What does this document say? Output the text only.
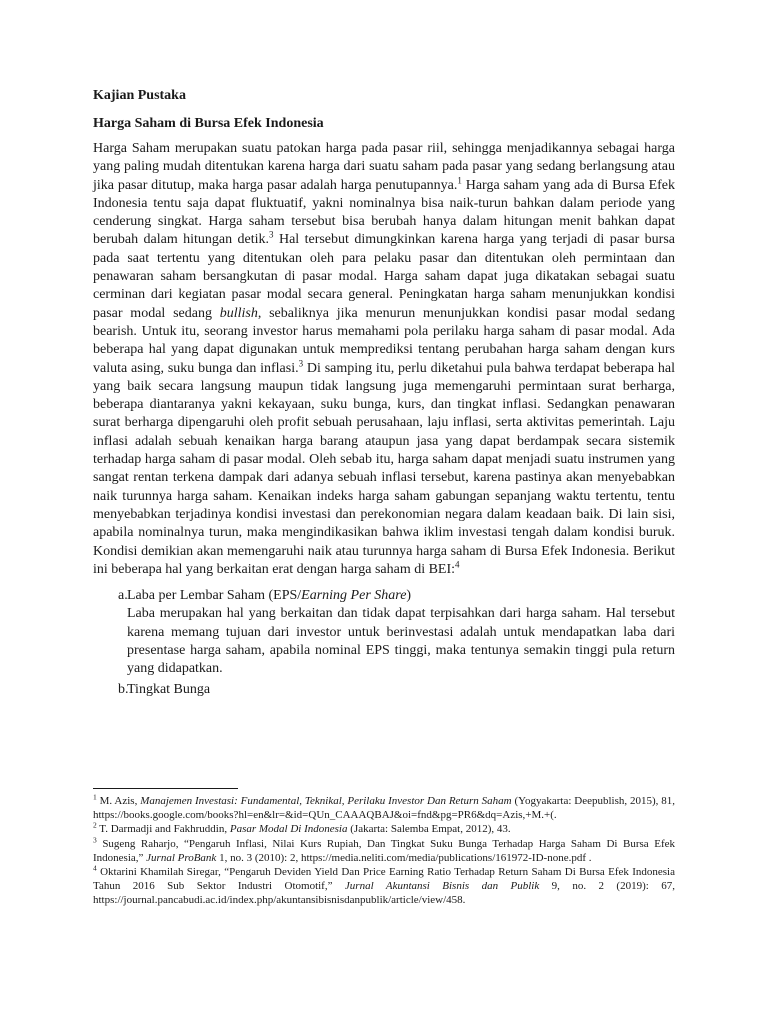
Kajian Pustaka
Harga Saham di Bursa Efek Indonesia

Harga Saham merupakan suatu patokan harga pada pasar riil, sehingga menjadikannya sebagai harga yang paling mudah ditentukan karena harga dari suatu saham pada pasar yang sedang berlangsung atau jika pasar ditutup, maka harga pasar adalah harga penutupannya.$^1$ Harga saham yang ada di Bursa Efek Indonesia tentu saja dapat fluktuatif, yakni nominalnya bisa naik-turun bahkan dalam periode yang cenderung singkat. Harga saham tersebut bisa berubah hanya dalam hitungan menit bahkan dapat berubah dalam hitungan detik.$^3$ Hal tersebut dimungkinkan karena harga yang terjadi di pasar bursa pada saat tertentu yang ditentukan oleh para pelaku pasar dan ditentukan oleh permintaan dan penawaran saham bersangkutan di pasar modal. Harga saham dapat juga dikatakan sebagai suatu cerminan dari kegiatan pasar modal secara general. Peningkatan harga saham menunjukkan kondisi pasar modal sedang bullish, sebaliknya jika menurun menunjukkan kondisi pasar modal sedang bearish. Untuk itu, seorang investor harus memahami pola perilaku harga saham di pasar modal. Ada beberapa hal yang dapat digunakan untuk memprediksi tentang perubahan harga saham dengan kurs valuta asing, suku bunga dan inflasi.$^3$ Di samping itu, perlu diketahui pula bahwa terdapat beberapa hal yang baik secara langsung maupun tidak langsung juga memengaruhi permintaan surat berharga, beberapa diantaranya yakni kekayaan, suku bunga, kurs, dan tingkat inflasi. Sedangkan penawaran surat berharga dipengaruhi oleh profit sebuah perusahaan, laju inflasi, serta aktivitas pemerintah. Laju inflasi adalah sebuah kenaikan harga barang ataupun jasa yang dapat berdampak secara sistemik terhadap harga saham di pasar modal. Oleh sebab itu, harga saham dapat menjadi suatu instrumen yang sangat rentan terkena dampak dari adanya sebuah inflasi tersebut, karena pastinya akan menyebabkan naik turunnya harga saham. Kenaikan indeks harga saham gabungan sepanjang waktu tertentu, tentu menyebabkan terjadinya kondisi investasi dan perekonomian negara dalam keadaan baik. Di lain sisi, apabila nominalnya turun, maka mengindikasikan bahwa iklim investasi tengah dalam kondisi buruk. Kondisi demikian akan memengaruhi naik atau turunnya harga saham di Bursa Efek Indonesia. Berikut ini beberapa hal yang berkaitan erat dengan harga saham di BEI:$^4$

a. Laba per Lembar Saham (EPS/Earning Per Share)
Laba merupakan hal yang berkaitan dan tidak dapat terpisahkan dari harga saham. Hal tersebut karena memang tujuan dari investor untuk berinvestasi adalah untuk mendapatkan laba dari presentase harga saham, apabila nominal EPS tinggi, maka tentunya semakin tinggi pula return yang didapatkan.
b.
Tingkat Bunga

$^1$ M. Azis, Manajemen Investasi: Fundamental, Teknikal, Perilaku Investor Dan Return Saham (Yogyakarta: Deepublish, 2015), 81, https://books.google.com/books?hl=en&lr=&id=QUn_CAAAQBAJ&oi=fnd&pg=PR6&dq=Azis,+M.+(.

$^2$ T. Darmadji and Fakhruddin, Pasar Modal Di Indonesia (Jakarta: Salemba Empat, 2012), 43.

$^3$ Sugeng Raharjo, “Pengaruh Inflasi, Nilai Kurs Rupiah, Dan Tingkat Suku Bunga Terhadap Harga Saham Di Bursa Efek Indonesia,” Jurnal ProBank 1, no. 3 (2010): 2, https://media.neliti.com/media/publications/161972-ID-none.pdf .

$^4$ Oktarini Khamilah Siregar, “Pengaruh Deviden Yield Dan Price Earning Ratio Terhadap Return Saham Di Bursa Efek Indonesia Tahun 2016 Sub Sektor Industri Otomotif,” Jurnal Akuntansi Bisnis dan Publik 9, no. 2 (2019): 67, https://journal.pancabudi.ac.id/index.php/akuntansibisnisdanpublik/article/view/458.
